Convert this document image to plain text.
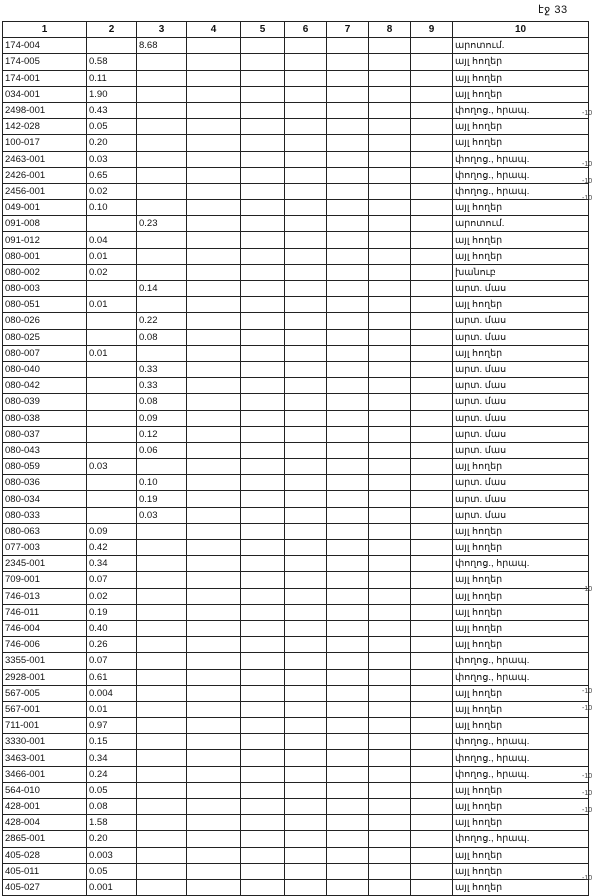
էջ 33
1	2	3	4	5	6	7	8	9	10
174-004		8.68							արոտում.
174-005	0.58								այլ հողեր
174-001	0.11								այլ հողեր
034-001	1.90								այլ հողեր
2498-001	0.43								փողոց., հրապ.
142-028	0.05								այլ հողեր
100-017	0.20								այլ հողեր
2463-001	0.03								փողոց., հրապ.
2426-001	0.65								փողոց., հրապ.
2456-001	0.02								փողոց., հրապ.
049-001	0.10								այլ հողեր
091-008		0.23							արոտում.
091-012	0.04								այլ հողեր
080-001	0.01								այլ հողեր
080-002	0.02								խանուբ
080-003		0.14							արտ. մաս
080-051	0.01								այլ հողեր
080-026		0.22							արտ. մաս
080-025		0.08							արտ. մաս
080-007	0.01								այլ հողեր
080-040		0.33							արտ. մաս
080-042		0.33							արտ. մաս
080-039		0.08							արտ. մաս
080-038		0.09							արտ. մաս
080-037		0.12							արտ. մաս
080-043		0.06							արտ. մաս
080-059	0.03								այլ հողեր
080-036		0.10							արտ. մաս
080-034		0.19							արտ. մաս
080-033		0.03							արտ. մաս
080-063	0.09								այլ հողեր
077-003	0.42								այլ հողեր
2345-001	0.34								փողոց., հրապ.
709-001	0.07								այլ հողեր
746-013	0.02								այլ հողեր
746-011	0.19								այլ հողեր
746-004	0.40								այլ հողեր
746-006	0.26								այլ հողեր
3355-001	0.07								փողոց., հրապ.
2928-001	0.61								փողոց., հրապ.
567-005	0.004								այլ հողեր
567-001	0.01								այլ հողեր
711-001	0.97								այլ հողեր
3330-001	0.15								փողոց., հրապ.
3463-001	0.34								փողոց., հրապ.
3466-001	0.24								փողոց., հրապ.
564-010	0.05								այլ հողեր
428-001	0.08								այլ հողեր
428-004	1.58								այլ հողեր
2865-001	0.20								փողոց., հրապ.
405-028	0.003								այլ հողեր
405-011	0.05								այլ հողեր
405-027	0.001								այլ հողեր
-10
-10
-10
-10
-10
-10
-10
-10
-10
-10
-10
